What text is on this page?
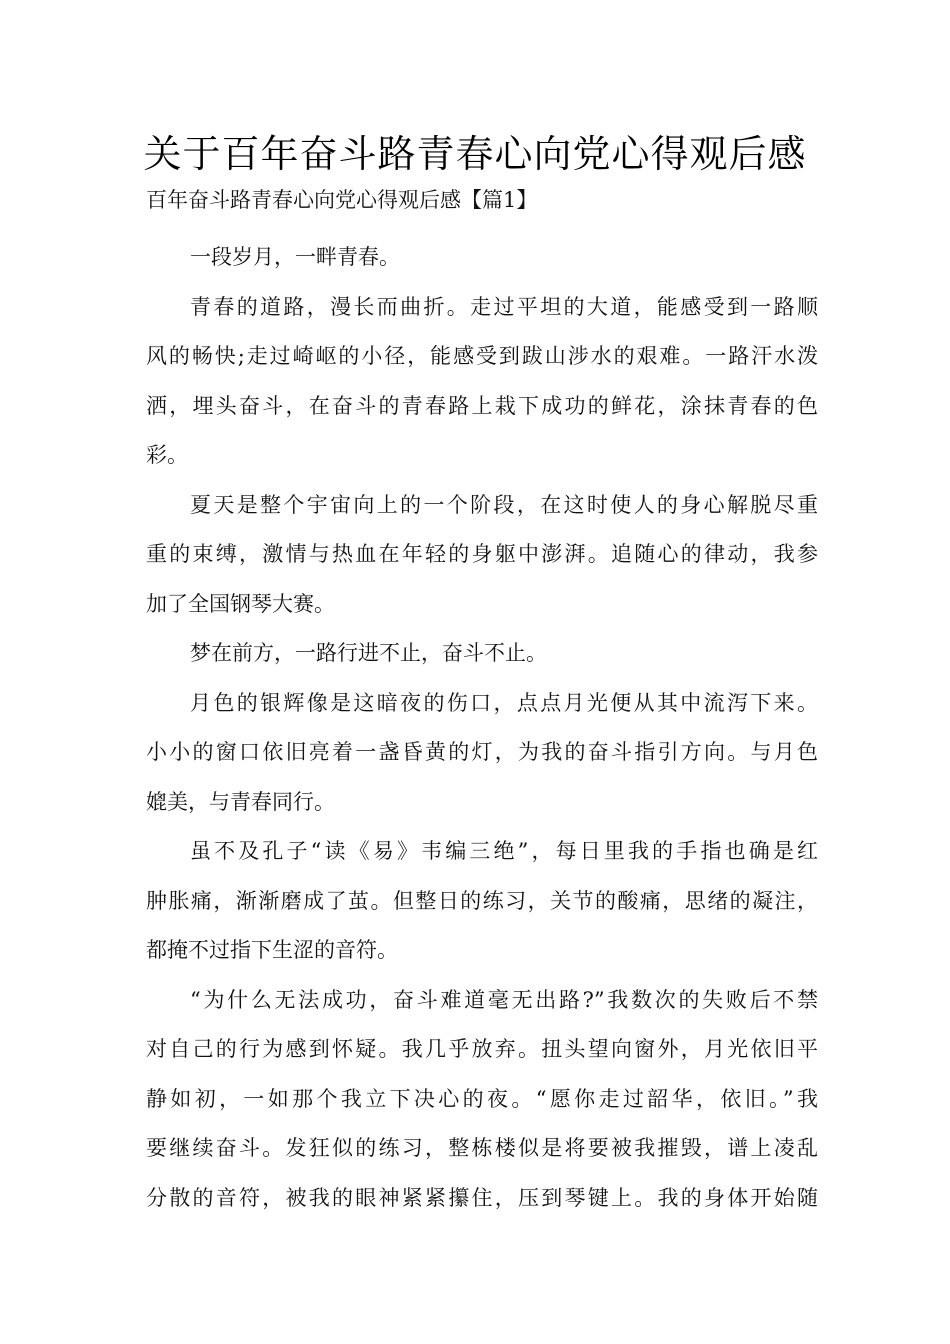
关于百年奋斗路青春心向党心得观后感
百年奋斗路青春心向党心得观后感【篇1】

一段岁月，一畔青春。

青春的道路，漫长而曲折。走过平坦的大道，能感受到一路顺
风的畅快;走过崎岖的小径，能感受到跋山涉水的艰难。一路汗水泼
洒，埋头奋斗，在奋斗的青春路上栽下成功的鲜花，涂抹青春的色
彩。

夏天是整个宇宙向上的一个阶段，在这时使人的身心解脱尽重
重的束缚，激情与热血在年轻的身躯中澎湃。追随心的律动，我参
加了全国钢琴大赛。

梦在前方，一路行进不止，奋斗不止。

月色的银辉像是这暗夜的伤口，点点月光便从其中流泻下来。
小小的窗口依旧亮着一盏昏黄的灯，为我的奋斗指引方向。与月色
媲美，与青春同行。

虽不及孔子“读《易》韦编三绝”，每日里我的手指也确是红
肿胀痛，渐渐磨成了茧。但整日的练习，关节的酸痛，思绪的凝注，
都掩不过指下生涩的音符。

“为什么无法成功，奋斗难道毫无出路?”我数次的失败后不禁
对自己的行为感到怀疑。我几乎放弃。扭头望向窗外，月光依旧平
静如初，一如那个我立下决心的夜。“愿你走过韶华，依旧。”我
要继续奋斗。发狂似的练习，整栋楼似是将要被我摧毁，谱上凌乱
分散的音符，被我的眼神紧紧攥住，压到琴键上。我的身体开始随
